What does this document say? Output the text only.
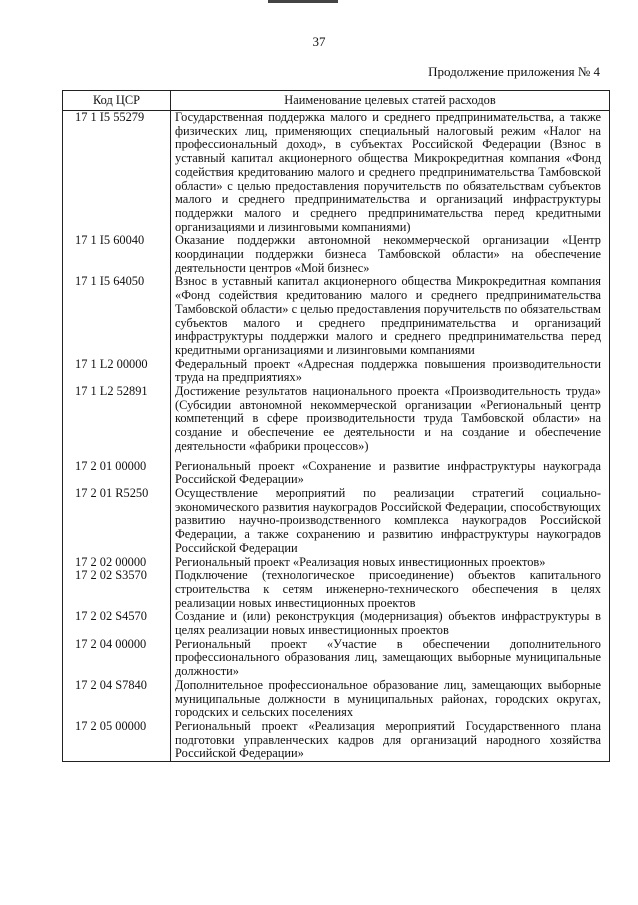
37
Продолжение приложения № 4
Код ЦСР	Наименование целевых статей расходов
17 1 I5 55279	Государственная поддержка малого и среднего предпринимательства, а также физических лиц, применяющих специальный налоговый режим «Налог на профессиональный доход», в субъектах Российской Федерации (Взнос в уставный капитал акционерного общества Микрокредитная компания «Фонд содействия кредитованию малого и среднего предпринимательства Тамбовской области» с целью предоставления поручительств по обязательствам субъектов малого и среднего предпринимательства и организаций инфраструктуры поддержки малого и среднего предпринимательства перед кредитными организациями и лизинговыми компаниями)
17 1 I5 60040	Оказание поддержки автономной некоммерческой организации «Центр координации поддержки бизнеса Тамбовской области» на обеспечение деятельности центров «Мой бизнес»
17 1 I5 64050	Взнос в уставный капитал акционерного общества Микрокредитная компания «Фонд содействия кредитованию малого и среднего предпринимательства Тамбовской области» с целью предоставления поручительств по обязательствам субъектов малого и среднего предпринимательства и организаций инфраструктуры поддержки малого и среднего предпринимательства перед кредитными организациями и лизинговыми компаниями
17 1 L2 00000	Федеральный проект «Адресная поддержка повышения производительности труда на предприятиях»
17 1 L2 52891	Достижение результатов национального проекта «Производительность труда» (Субсидии автономной некоммерческой организации «Региональный центр компетенций в сфере производительности труда Тамбовской области» на создание и обеспечение ее деятельности и на создание и обеспечение деятельности «фабрики процессов»)

17 2 01 00000	Региональный проект «Сохранение и развитие инфраструктуры наукограда Российской Федерации»
17 2 01 R5250	Осуществление мероприятий по реализации стратегий социально-экономического развития наукоградов Российской Федерации, способствующих развитию научно-производственного комплекса наукоградов Российской Федерации, а также сохранению и развитию инфраструктуры наукоградов Российской Федерации
17 2 02 00000	Региональный проект «Реализация новых инвестиционных проектов»
17 2 02 S3570	Подключение (технологическое присоединение) объектов капитального строительства к сетям инженерно-технического обеспечения в целях реализации новых инвестиционных проектов
17 2 02 S4570	Создание и (или) реконструкция (модернизация) объектов инфраструктуры в целях реализации новых инвестиционных проектов
17 2 04 00000	Региональный проект «Участие в обеспечении дополнительного профессионального образования лиц, замещающих выборные муниципальные должности»
17 2 04 S7840	Дополнительное профессиональное образование лиц, замещающих выборные муниципальные должности в муниципальных районах, городских округах, городских и сельских поселениях
17 2 05 00000	Региональный проект «Реализация мероприятий Государственного плана подготовки управленческих кадров для организаций народного хозяйства Российской Федерации»
